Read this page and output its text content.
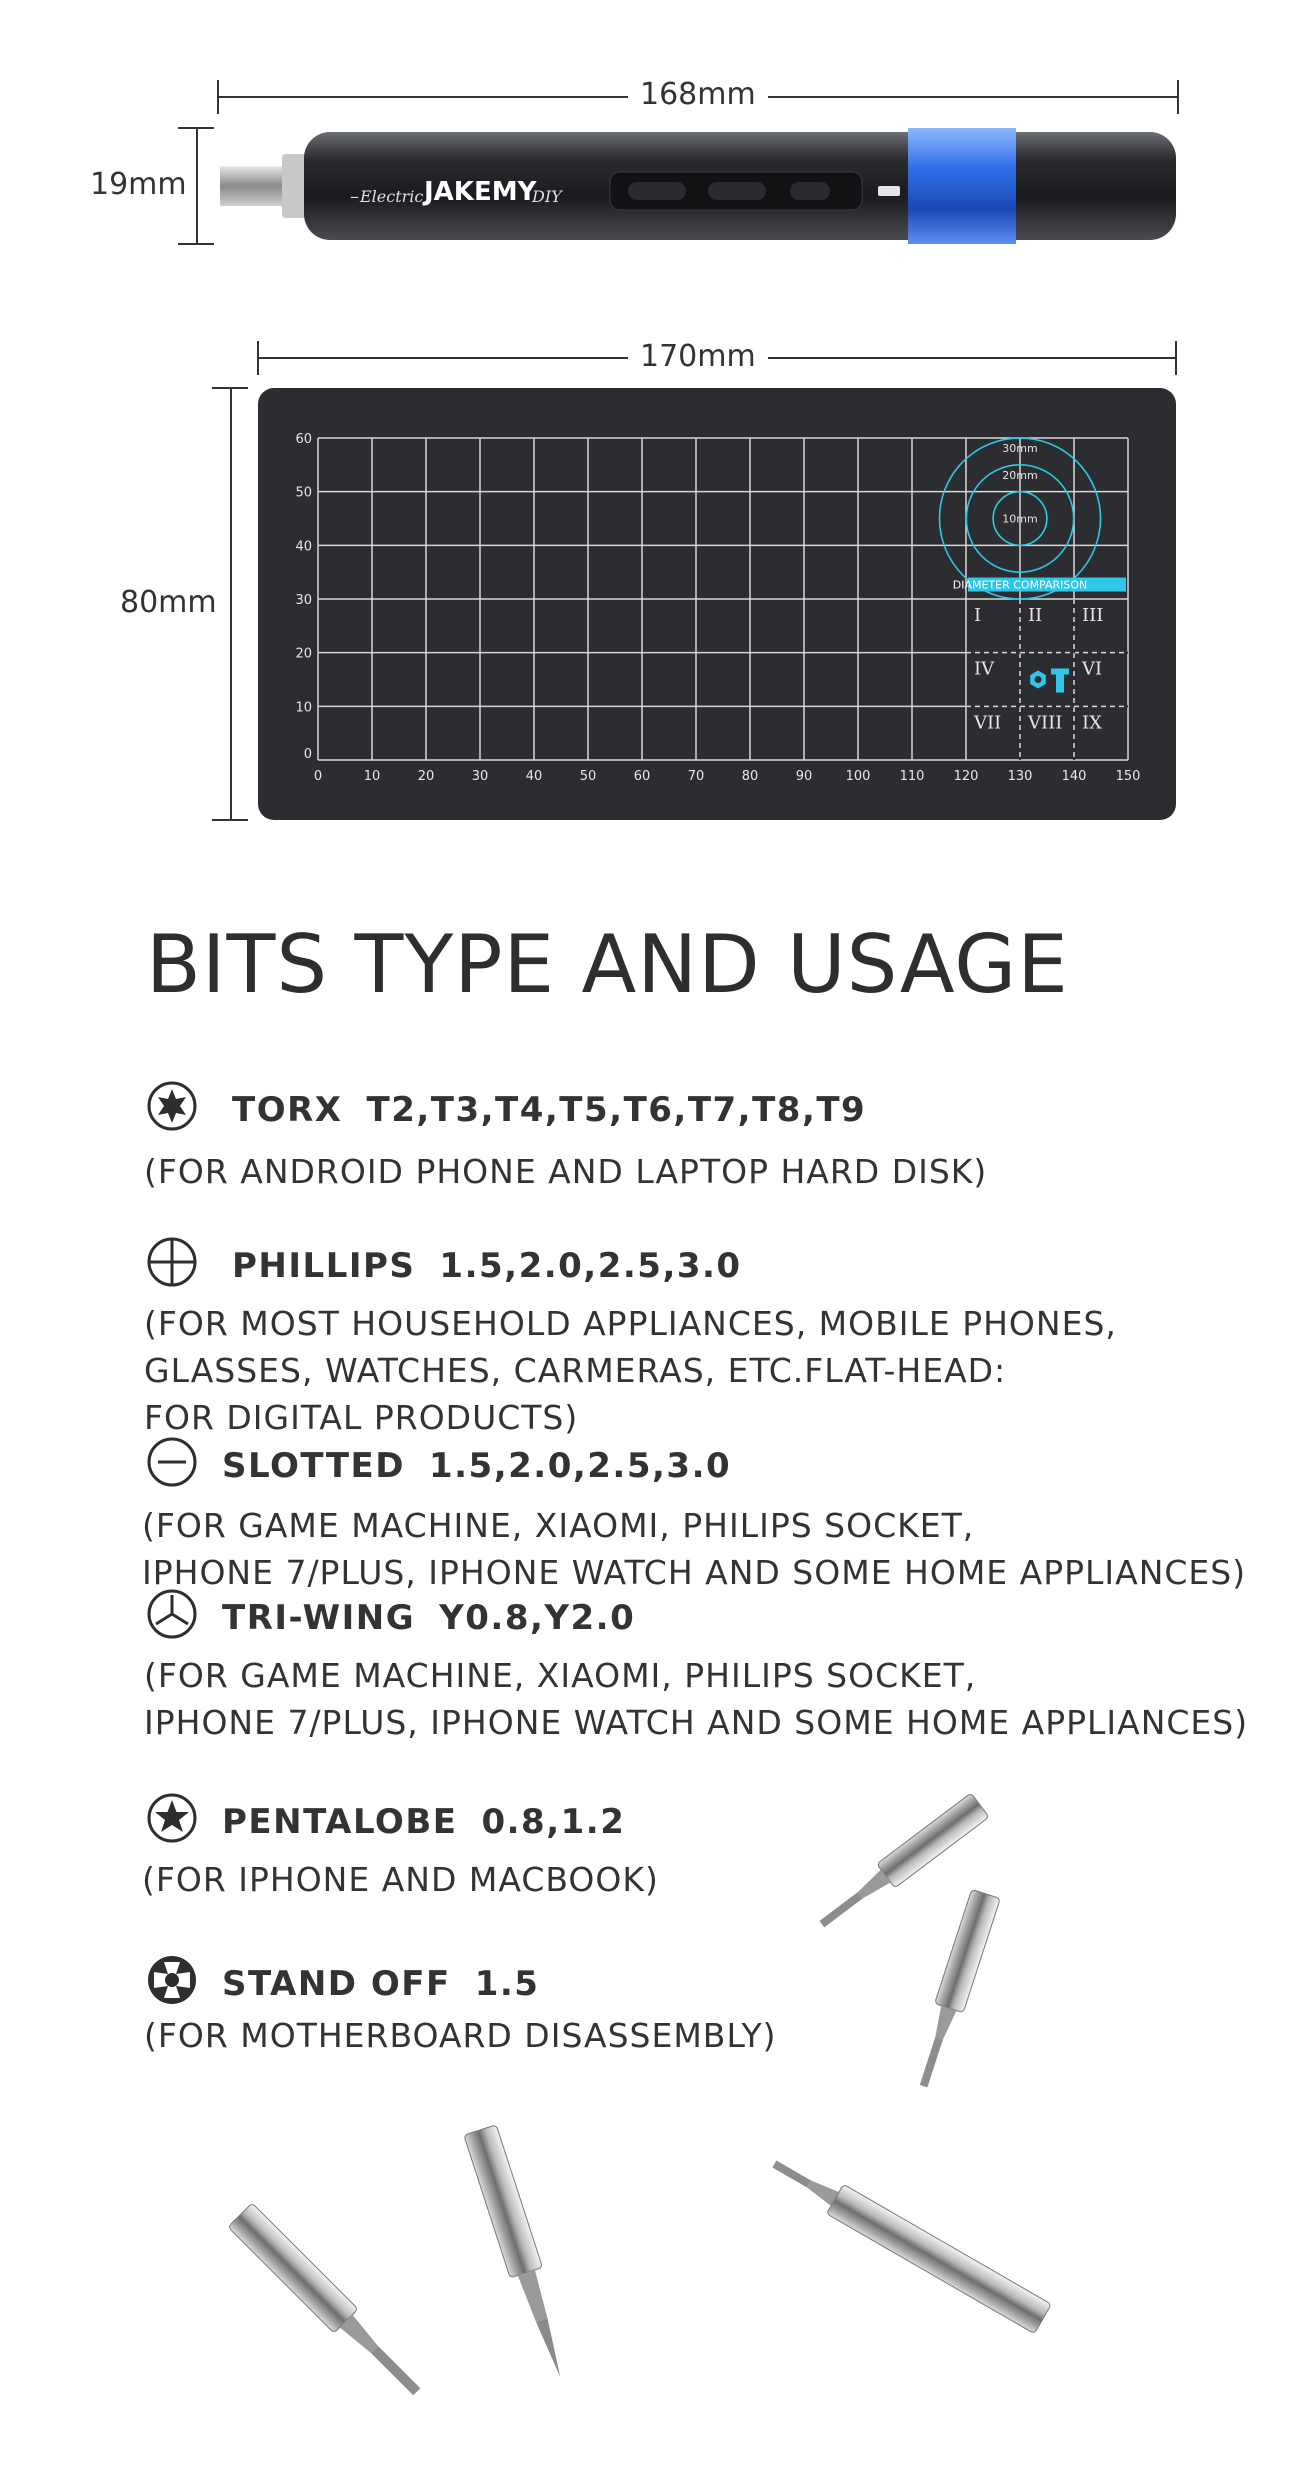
168mm
19mm	– Electric JAKEMY
DIY
170mm
80mm
0	10	20	30	40	50	60	70	80	90	100 110 120 130 140 150
0
10
20
30
40
50
60
30mm
20mm
10mm
DIAMETER COMPARISON
I	II III
IV	VI
VII VIII IX
BITS TYPE AND USAGE
TORX T2,T3,T4,T5,T6,T7,T8,T9
(FOR ANDROID PHONE AND LAPTOP HARD DISK)
PHILLIPS 1.5,2.0,2.5,3.0
(FOR MOST HOUSEHOLD APPLIANCES, MOBILE PHONES,
GLASSES, WATCHES, CARMERAS, ETC.FLAT-HEAD:
FOR DIGITAL PRODUCTS)
SLOTTED 1.5,2.0,2.5,3.0
(FOR GAME MACHINE, XIAOMI, PHILIPS SOCKET,
IPHONE 7/PLUS, IPHONE WATCH AND SOME HOME APPLIANCES)
TRI-WING Y0.8,Y2.0
(FOR GAME MACHINE, XIAOMI, PHILIPS SOCKET,
IPHONE 7/PLUS, IPHONE WATCH AND SOME HOME APPLIANCES)
PENTALOBE 0.8,1.2
(FOR IPHONE AND MACBOOK)
STAND OFF 1.5
(FOR MOTHERBOARD DISASSEMBLY)
